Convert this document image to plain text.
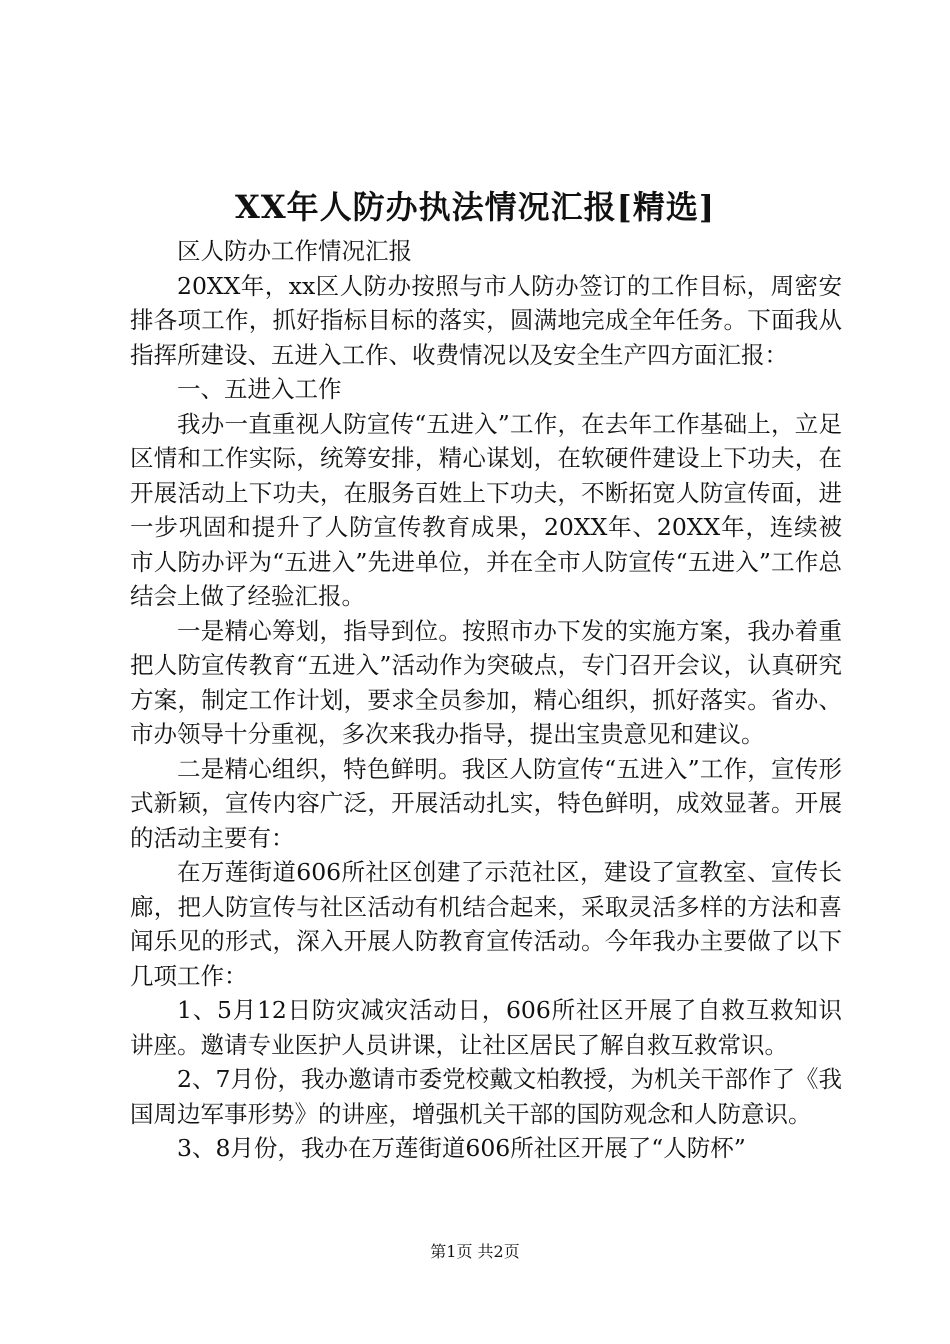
XX年人防办执法情况汇报[精选]

区人防办工作情况汇报

20XX年，xx区人防办按照与市人防办签订的工作目标，周密安排各项工作，抓好指标目标的落实，圆满地完成全年任务。下面我从指挥所建设、五进入工作、收费情况以及安全生产四方面汇报：

一、五进入工作

我办一直重视人防宣传“五进入”工作，在去年工作基础上，立足区情和工作实际，统筹安排，精心谋划，在软硬件建设上下功夫，在开展活动上下功夫，在服务百姓上下功夫，不断拓宽人防宣传面，进一步巩固和提升了人防宣传教育成果，20XX年、20XX年，连续被市人防办评为“五进入”先进单位，并在全市人防宣传“五进入”工作总结会上做了经验汇报。

一是精心筹划，指导到位。按照市办下发的实施方案，我办着重把人防宣传教育“五进入”活动作为突破点，专门召开会议，认真研究方案，制定工作计划，要求全员参加，精心组织，抓好落实。省办、市办领导十分重视，多次来我办指导，提出宝贵意见和建议。

二是精心组织，特色鲜明。我区人防宣传“五进入”工作，宣传形式新颖，宣传内容广泛，开展活动扎实，特色鲜明，成效显著。开展的活动主要有：

在万莲街道606所社区创建了示范社区，建设了宣教室、宣传长廊，把人防宣传与社区活动有机结合起来，采取灵活多样的方法和喜闻乐见的形式，深入开展人防教育宣传活动。今年我办主要做了以下几项工作：

1、5月12日防灾减灾活动日，606所社区开展了自救互救知识讲座。邀请专业医护人员讲课，让社区居民了解自救互救常识。

2、7月份，我办邀请市委党校戴文柏教授，为机关干部作了《我国周边军事形势》的讲座，增强机关干部的国防观念和人防意识。

3、8月份，我办在万莲街道606所社区开展了“人防杯”

第1页 共2页
